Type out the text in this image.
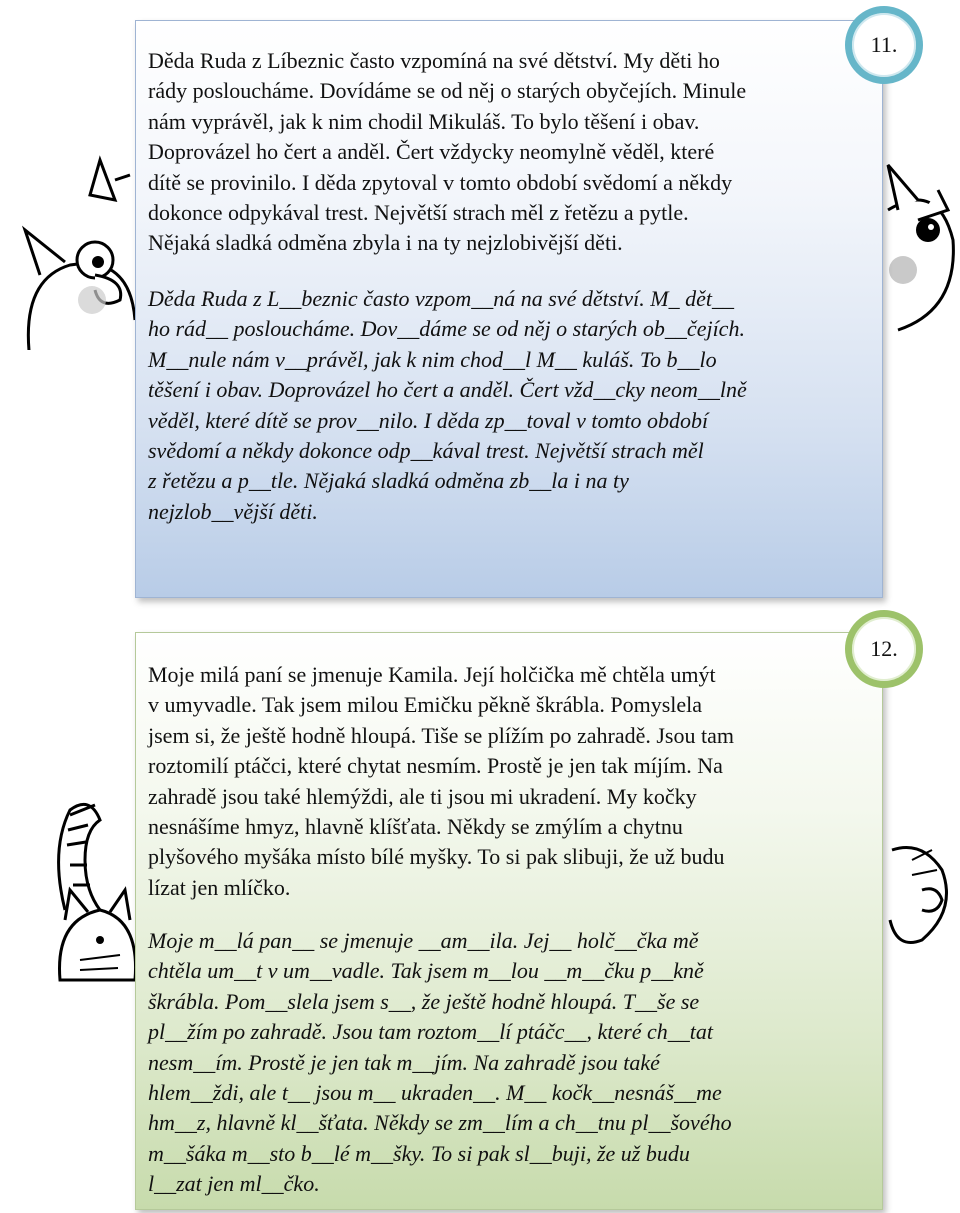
11.
Děda Ruda z Líbeznic často vzpomíná na své dětství. My děti ho
rády posloucháme. Dovídáme se od něj o starých obyčejích. Minule
nám vyprávěl, jak k nim chodil Mikuláš. To bylo těšení i obav.
Doprovázel ho čert a anděl. Čert vždycky neomylně věděl, které
dítě se provinilo. I děda zpytoval v tomto období svědomí a někdy
dokonce odpykával trest. Největší strach měl z řetězu a pytle.
Nějaká sladká odměna zbyla i na ty nejzlobivější děti.
Děda Ruda z L__beznic často vzpom__ná na své dětství. M_ dět__
ho rád__ posloucháme. Dov__dáme se od něj o starých ob__čejích.
M__nule nám v__právěl, jak k nim chod__l M__ kuláš. To b__lo
těšení i obav. Doprovázel ho čert a anděl. Čert vžd__cky neom__lně
věděl, které dítě se prov__nilo. I děda zp__toval v tomto období
svědomí a někdy dokonce odp__kával trest. Největší strach měl
z řetězu a p__tle. Nějaká sladká odměna zb__la i na ty
nejzlob__vější děti.
12.
Moje milá paní se jmenuje Kamila. Její holčička mě chtěla umýt
v umyvadle. Tak jsem milou Emičku pěkně škrábla. Pomyslela
jsem si, že ještě hodně hloupá. Tiše se plížím po zahradě. Jsou tam
roztomilí ptáčci, které chytat nesmím. Prostě je jen tak míjím. Na
zahradě jsou také hlemýždi, ale ti jsou mi ukradení. My kočky
nesnášíme hmyz, hlavně klíšťata. Někdy se zmýlím a chytnu
plyšového myšáka místo bílé myšky. To si pak slibuji, že už budu
lízat jen mlíčko.
Moje m__lá pan__ se jmenuje __am__ila. Jej__ holč__čka mě
chtěla um__t v um__vadle. Tak jsem m__lou __m__čku p__kně
škrábla. Pom__slela jsem s__, že ještě hodně hloupá. T__še se
pl__žím po zahradě. Jsou tam roztom__lí ptáčc__, které ch__tat
nesm__ím. Prostě je jen tak m__jím. Na zahradě jsou také
hlem__ždi, ale t__ jsou m__ ukraden__. M__ kočk__nesnáš__me
hm__z, hlavně kl__šťata. Někdy se zm__lím a ch__tnu pl__šového
m__šáka m__sto b__lé m__šky. To si pak sl__buji, že už budu
l__zat jen ml__čko.
